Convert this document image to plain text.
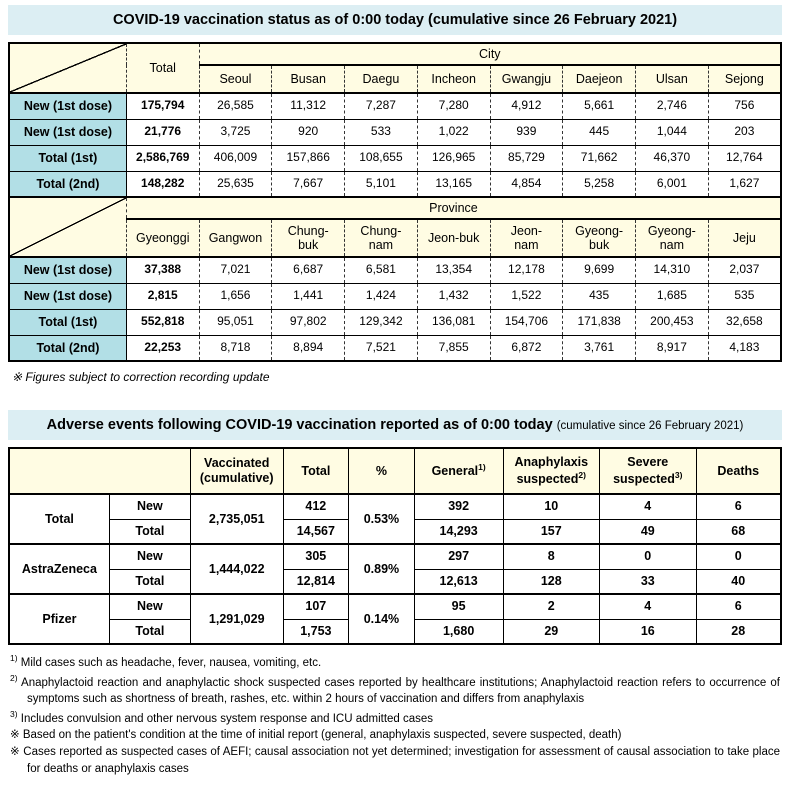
COVID-19 vaccination status as of 0:00 today (cumulative since 26 February 2021)
	Total	City							
		Seoul	Busan	Daegu	Incheon	Gwangju	Daejeon	Ulsan	Sejong
New (1st dose)	175,794	26,585	11,312	7,287	7,280	4,912	5,661	2,746	756
New (1st dose)	21,776	3,725	920	533	1,022	939	445	1,044	203
Total (1st)	2,586,769	406,009	157,866	108,655	126,965	85,729	71,662	46,370	12,764
Total (2nd)	148,282	25,635	7,667	5,101	13,165	4,854	5,258	6,001	1,627
	Province								
	Gyeonggi	Gangwon	Chung-buk	Chung-nam	Jeon-buk	Jeon-nam	Gyeong-buk	Gyeong-nam	Jeju
New (1st dose)	37,388	7,021	6,687	6,581	13,354	12,178	9,699	14,310	2,037
New (1st dose)	2,815	1,656	1,441	1,424	1,432	1,522	435	1,685	535
Total (1st)	552,818	95,051	97,802	129,342	136,081	154,706	171,838	200,453	32,658
Total (2nd)	22,253	8,718	8,894	7,521	7,855	6,872	3,761	8,917	4,183
※ Figures subject to correction recording update
Adverse events following COVID-19 vaccination reported as of 0:00 today (cumulative since 26 February 2021)
		Vaccinated (cumulative)	Total	%	General$^{1)}$	Anaphylaxis suspected$^{2)}$	Severe suspected$^{3)}$	Deaths
Total	New	2,735,051	412	0.53%	392	10	4	6
	Total		14,567		14,293	157	49	68
AstraZeneca	New	1,444,022	305	0.89%	297	8	0	0
	Total		12,814		12,613	128	33	40
Pfizer	New	1,291,029	107	0.14%	95	2	4	6
	Total		1,753		1,680	29	16	28

$^{1)}$ Mild cases such as headache, fever, nausea, vomiting, etc.

$^{2)}$ Anaphylactoid reaction and anaphylactic shock suspected cases reported by healthcare institutions; Anaphylactoid reaction refers to occurrence of symptoms such as shortness of breath, rashes, etc. within 2 hours of vaccination and differs from anaphylaxis

$^{3)}$ Includes convulsion and other nervous system response and ICU admitted cases

※ Based on the patient's condition at the time of initial report (general, anaphylaxis suspected, severe suspected, death)

※ Cases reported as suspected cases of AEFI; causal association not yet determined; investigation for assessment of causal association to take place for deaths or anaphylaxis cases
